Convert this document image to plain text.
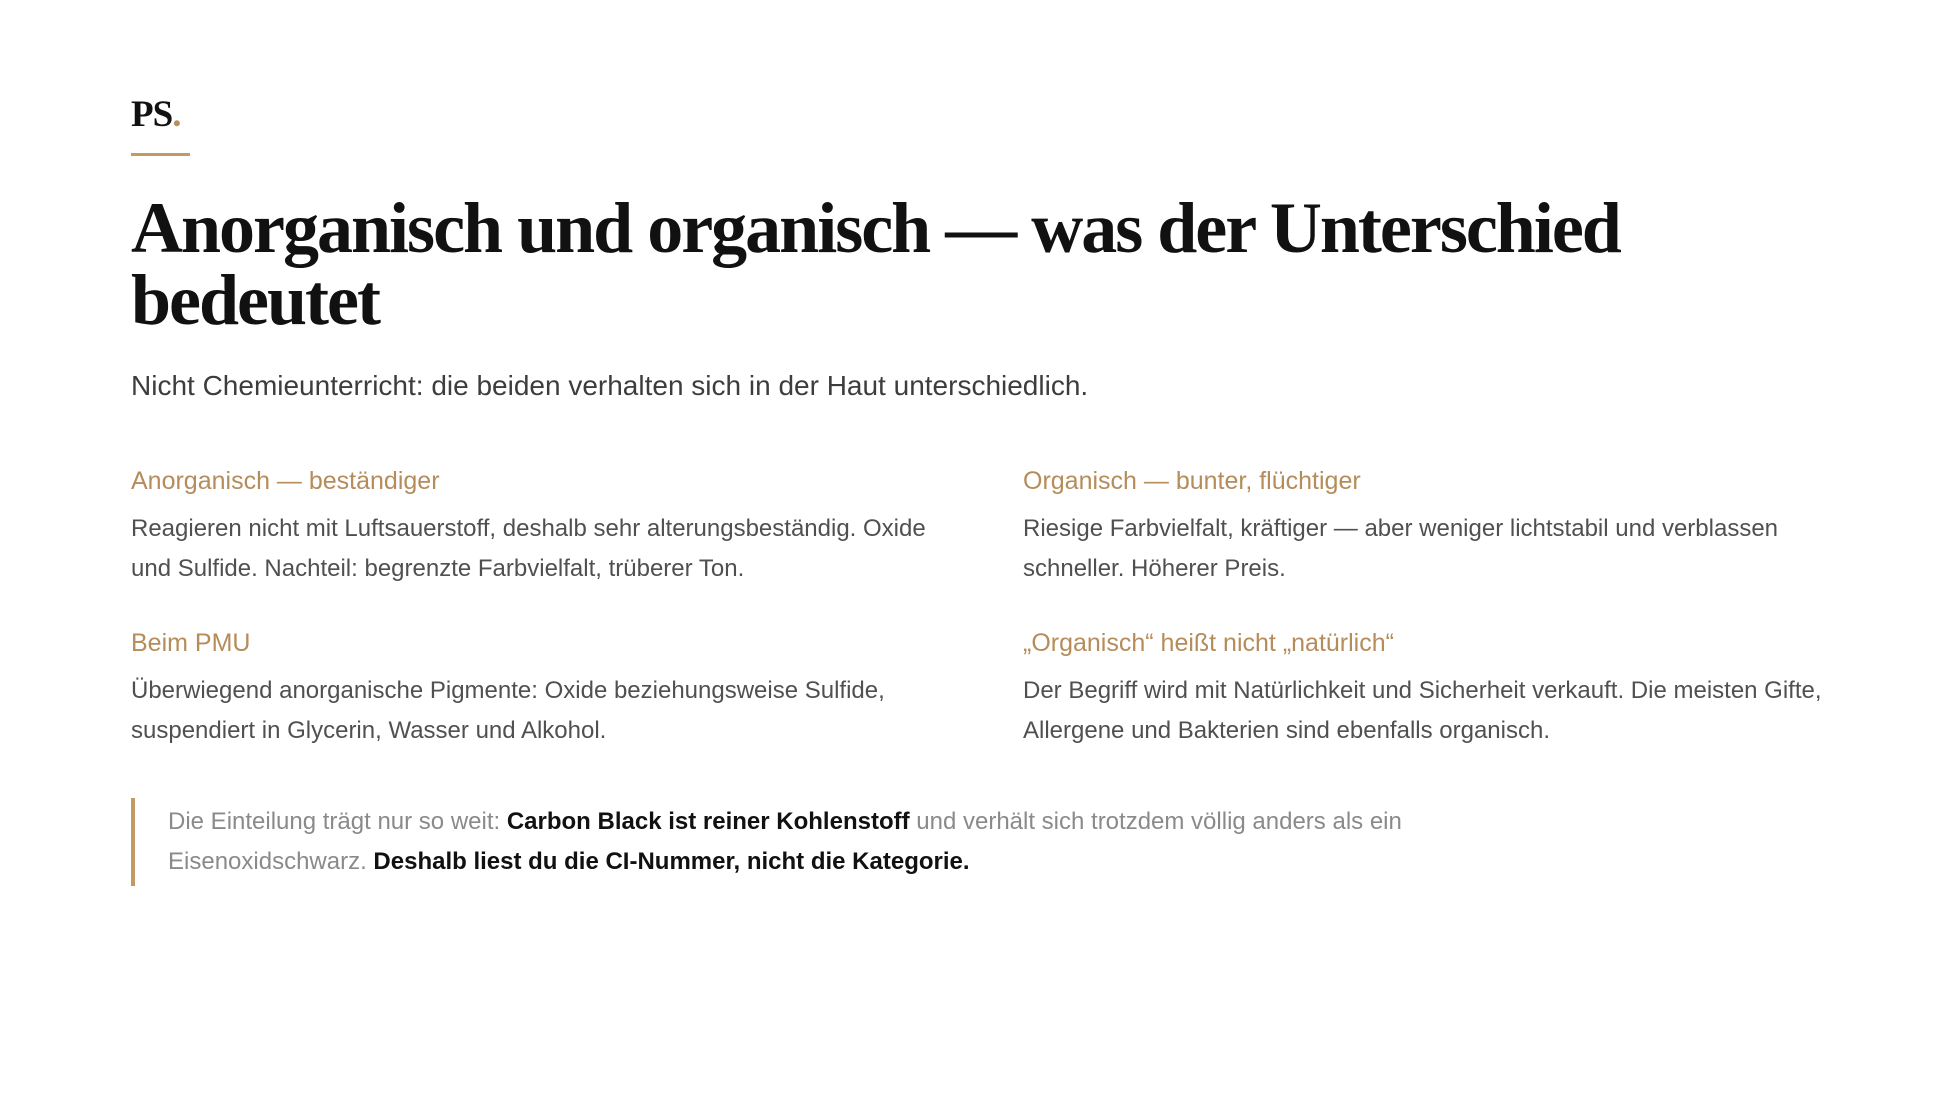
PS.
Anorganisch und organisch — was der Unterschied bedeutet

Nicht Chemieunterricht: die beiden verhalten sich in der Haut unterschiedlich.

Anorganisch — beständiger

Reagieren nicht mit Luftsauerstoff, deshalb sehr alterungsbeständig. Oxide und Sulfide. Nachteil: begrenzte Farbvielfalt, trüberer Ton.

Organisch — bunter, flüchtiger

Riesige Farbvielfalt, kräftiger — aber weniger lichtstabil und verblassen schneller. Höherer Preis.

Beim PMU

Überwiegend anorganische Pigmente: Oxide beziehungsweise Sulfide, suspendiert in Glycerin, Wasser und Alkohol.

„Organisch“ heißt nicht „natürlich“

Der Begriff wird mit Natürlichkeit und Sicherheit verkauft. Die meisten Gifte, Allergene und Bakterien sind ebenfalls organisch.

Die Einteilung trägt nur so weit: Carbon Black ist reiner Kohlenstoff und verhält sich trotzdem völlig anders als ein Eisenoxidschwarz. Deshalb liest du die CI-Nummer, nicht die Kategorie.
